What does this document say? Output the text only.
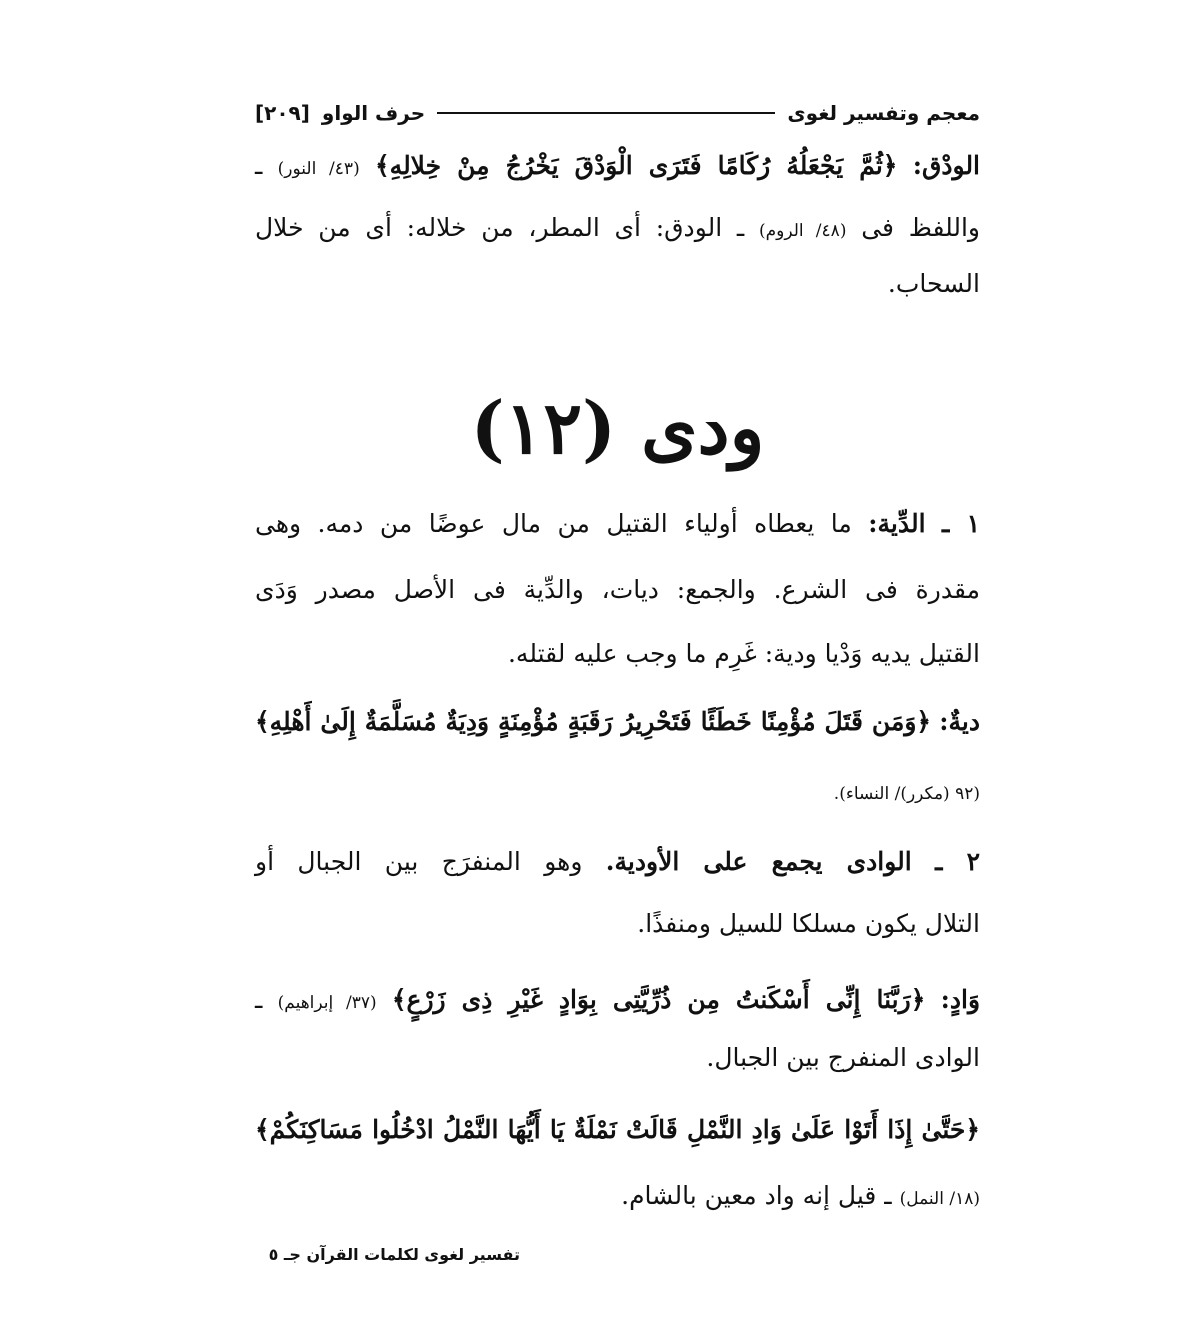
معجم وتفسير لغوى
حرف الواو
[٢٠٩]
الودْق: ﴿ثُمَّ يَجْعَلُهُ رُكَامًا فَتَرَى الْوَدْقَ يَخْرُجُ مِنْ خِلالِهِ﴾ (٤٣/ النور) ـ
واللفظ فى (٤٨/ الروم) ـ الودق: أى المطر، من خلاله: أى من خلال
السحاب.
ودى (١٢)
١ ـ الدِّية: ما يعطاه أولياء القتيل من مال عوضًا من دمه. وهى
مقدرة فى الشرع. والجمع: ديات، والدِّية فى الأصل مصدر وَدَى
القتيل يديه وَدْيا ودية: غَرِم ما وجب عليه لقتله.
ديةٌ: ﴿وَمَن قَتَلَ مُؤْمِنًا خَطَئًا فَتَحْرِيرُ رَقَبَةٍ مُؤْمِنَةٍ وَدِيَةٌ مُسَلَّمَةٌ إِلَىٰ أَهْلِهِ﴾
(٩٢ (مكرر)/ النساء).
٢ ـ الوادى يجمع على الأودية. وهو المنفرَج بين الجبال أو
التلال يكون مسلكا للسيل ومنفذًا.
وَادٍ: ﴿رَبَّنَا إِنِّى أَسْكَنتُ مِن ذُرِّيَّتِى بِوَادٍ غَيْرِ ذِى زَرْعٍ﴾ (٣٧/ إبراهيم) ـ
الوادى المنفرج بين الجبال.
﴿حَتَّىٰ إِذَا أَتَوْا عَلَىٰ وَادِ النَّمْلِ قَالَتْ نَمْلَةٌ يَا أَيُّهَا النَّمْلُ ادْخُلُوا مَسَاكِنَكُمْ﴾
(١٨/ النمل) ـ قيل إنه واد معين بالشام.
تفسير لغوى لكلمات القرآن جـ ٥
